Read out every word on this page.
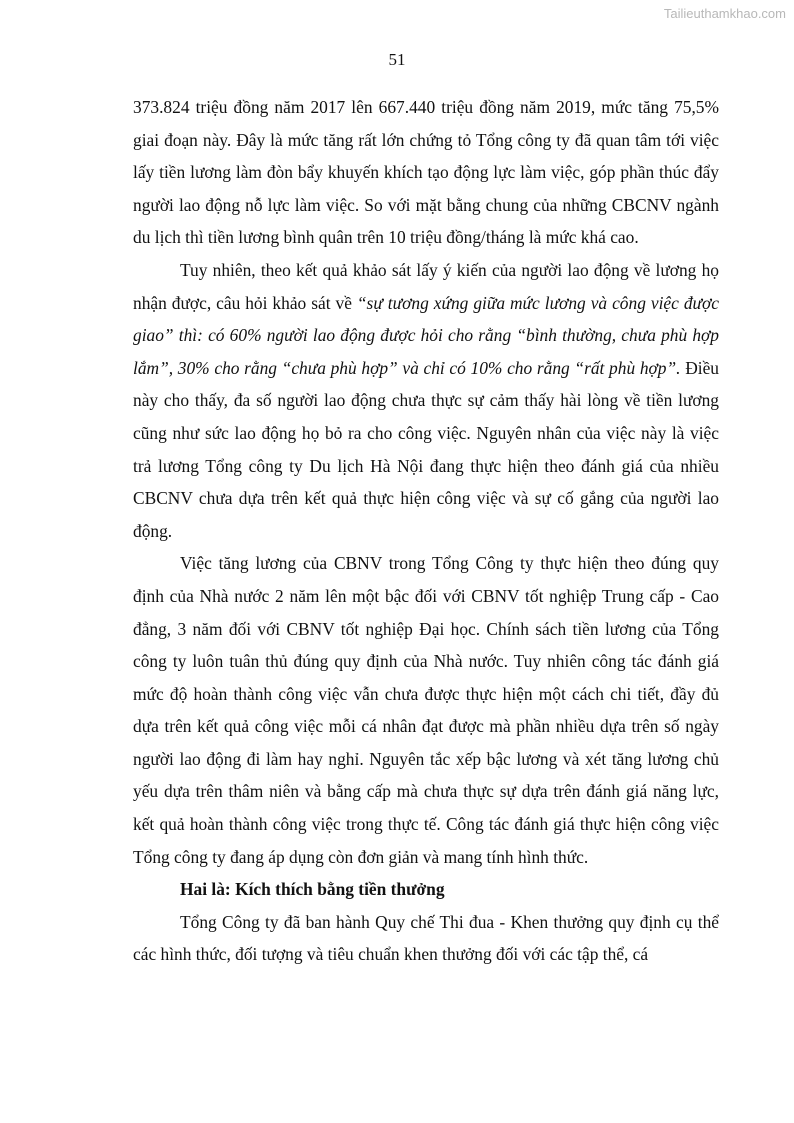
Tailieuthamkhao.com
51

373.824 triệu đồng năm 2017 lên 667.440 triệu đồng năm 2019, mức tăng 75,5% giai đoạn này. Đây là mức tăng rất lớn chứng tỏ Tổng công ty đã quan tâm tới việc lấy tiền lương làm đòn bẩy khuyến khích tạo động lực làm việc, góp phần thúc đẩy người lao động nỗ lực làm việc. So với mặt bằng chung của những CBCNV ngành du lịch thì tiền lương bình quân trên 10 triệu đồng/tháng là mức khá cao.

Tuy nhiên, theo kết quả khảo sát lấy ý kiến của người lao động về lương họ nhận được, câu hỏi khảo sát về “sự tương xứng giữa mức lương và công việc được giao” thì: có 60% người lao động được hỏi cho rằng “bình thường, chưa phù hợp lắm”, 30% cho rằng “chưa phù hợp” và chỉ có 10% cho rằng “rất phù hợp”. Điều này cho thấy, đa số người lao động chưa thực sự cảm thấy hài lòng về tiền lương cũng như sức lao động họ bỏ ra cho công việc. Nguyên nhân của việc này là việc trả lương Tổng công ty Du lịch Hà Nội đang thực hiện theo đánh giá của nhiều CBCNV chưa dựa trên kết quả thực hiện công việc và sự cố gắng của người lao động.

Việc tăng lương của CBNV trong Tổng Công ty thực hiện theo đúng quy định của Nhà nước 2 năm lên một bậc đối với CBNV tốt nghiệp Trung cấp - Cao đẳng, 3 năm đối với CBNV tốt nghiệp Đại học. Chính sách tiền lương của Tổng công ty luôn tuân thủ đúng quy định của Nhà nước. Tuy nhiên công tác đánh giá mức độ hoàn thành công việc vẫn chưa được thực hiện một cách chi tiết, đầy đủ dựa trên kết quả công việc mỗi cá nhân đạt được mà phần nhiều dựa trên số ngày người lao động đi làm hay nghỉ. Nguyên tắc xếp bậc lương và xét tăng lương chủ yếu dựa trên thâm niên và bằng cấp mà chưa thực sự dựa trên đánh giá năng lực, kết quả hoàn thành công việc trong thực tế. Công tác đánh giá thực hiện công việc Tổng công ty đang áp dụng còn đơn giản và mang tính hình thức.

Hai là: Kích thích bằng tiền thưởng

Tổng Công ty đã ban hành Quy chế Thi đua - Khen thưởng quy định cụ thể các hình thức, đối tượng và tiêu chuẩn khen thưởng đối với các tập thể, cá
